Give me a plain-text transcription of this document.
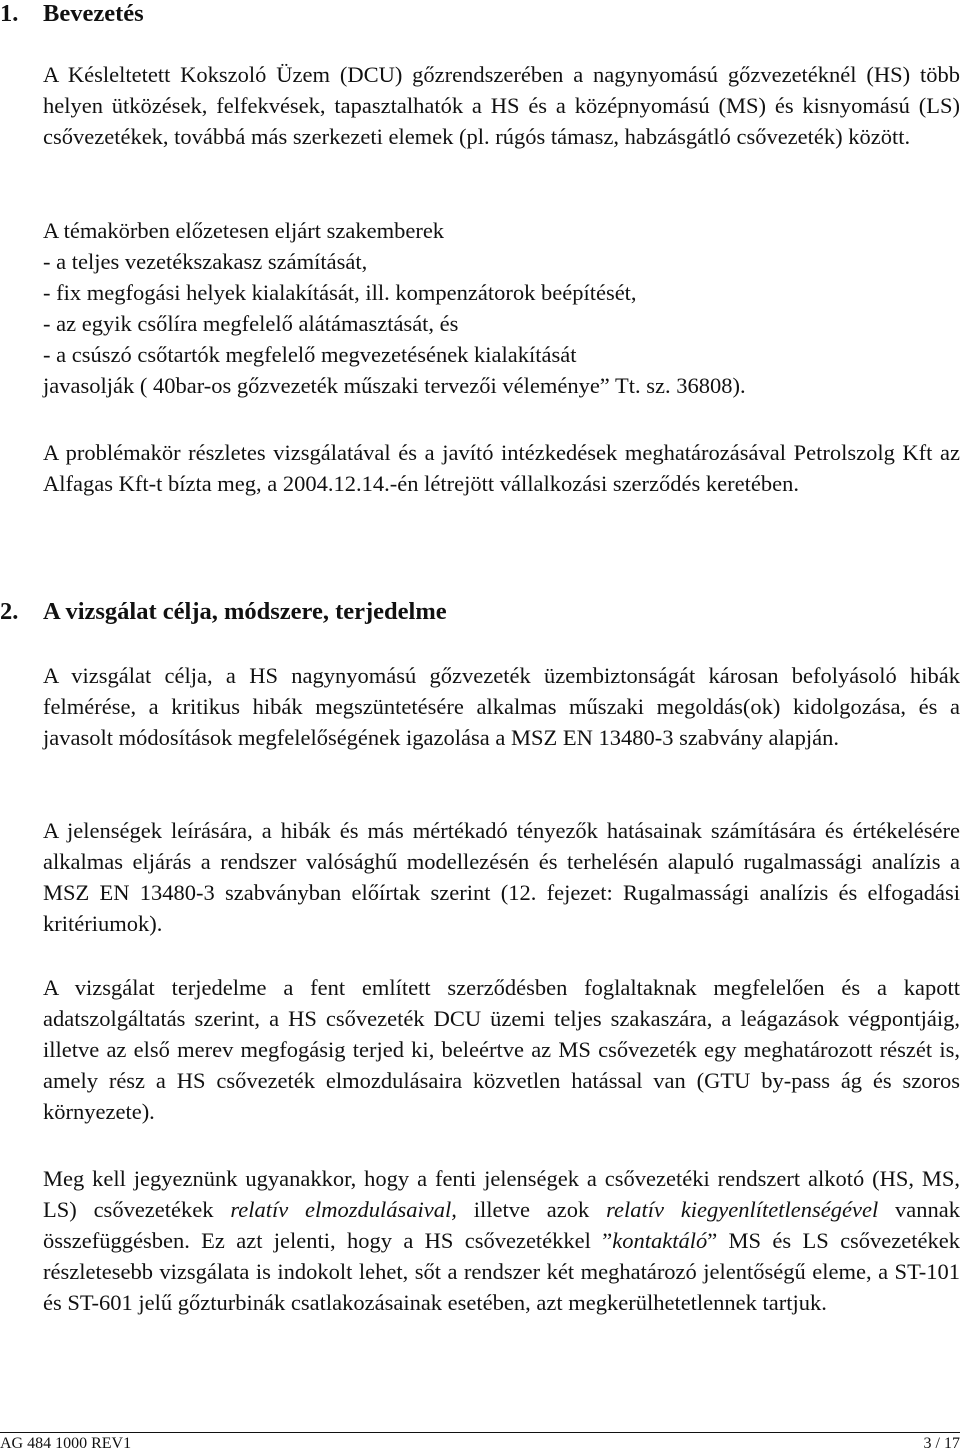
1. Bevezetés

A Késleltetett Kokszoló Üzem (DCU) gőzrendszerében a nagynyomású gőzvezetéknél (HS) több helyen ütközések, felfekvések, tapasztalhatók a HS és a középnyomású (MS) és kisnyomású (LS) csővezetékek, továbbá más szerkezeti elemek (pl. rúgós támasz, habzásgátló csővezeték) között.

A témakörben előzetesen eljárt szakemberek
- a teljes vezetékszakasz számítását,
- fix megfogási helyek kialakítását, ill. kompenzátorok beépítését,
- az egyik csőlíra megfelelő alátámasztását, és
- a csúszó csőtartók megfelelő megvezetésének kialakítását
javasolják ( 40bar-os gőzvezeték műszaki tervezői véleménye” Tt. sz. 36808).

A problémakör részletes vizsgálatával és a javító intézkedések meghatározásával Petrolszolg Kft az Alfagas Kft-t bízta meg, a 2004.12.14.-én létrejött vállalkozási szerződés keretében.

2. A vizsgálat célja, módszere, terjedelme

A vizsgálat célja, a HS nagynyomású gőzvezeték üzembiztonságát károsan befolyásoló hibák felmérése, a kritikus hibák megszüntetésére alkalmas műszaki megoldás(ok) kidolgozása, és a javasolt módosítások megfelelőségének igazolása a MSZ EN 13480-3 szabvány alapján.

A jelenségek leírására, a hibák és más mértékadó tényezők hatásainak számítására és értékelésére alkalmas eljárás a rendszer valósághű modellezésén és terhelésén alapuló rugalmassági analízis a MSZ EN 13480-3 szabványban előírtak szerint (12. fejezet: Rugalmassági analízis és elfogadási kritériumok).

A vizsgálat terjedelme a fent említett szerződésben foglaltaknak megfelelően és a kapott adatszolgáltatás szerint, a HS csővezeték DCU üzemi teljes szakaszára, a leágazások végpontjáig, illetve az első merev megfogásig terjed ki, beleértve az MS csővezeték egy meghatározott részét is, amely rész a HS csővezeték elmozdulásaira közvetlen hatással van (GTU by-pass ág és szoros környezete).

Meg kell jegyeznünk ugyanakkor, hogy a fenti jelenségek a csővezetéki rendszert alkotó (HS, MS, LS) csővezetékek relatív elmozdulásaival, illetve azok relatív kiegyenlítetlenségével vannak összefüggésben. Ez azt jelenti, hogy a HS csővezetékkel ”kontaktáló” MS és LS csővezetékek részletesebb vizsgálata is indokolt lehet, sőt a rendszer két meghatározó jelentőségű eleme, a ST-101 és ST-601 jelű gőzturbinák csatlakozásainak esetében, azt megkerülhetetlennek tartjuk.

AG 484 1000 REV1	3 / 17
